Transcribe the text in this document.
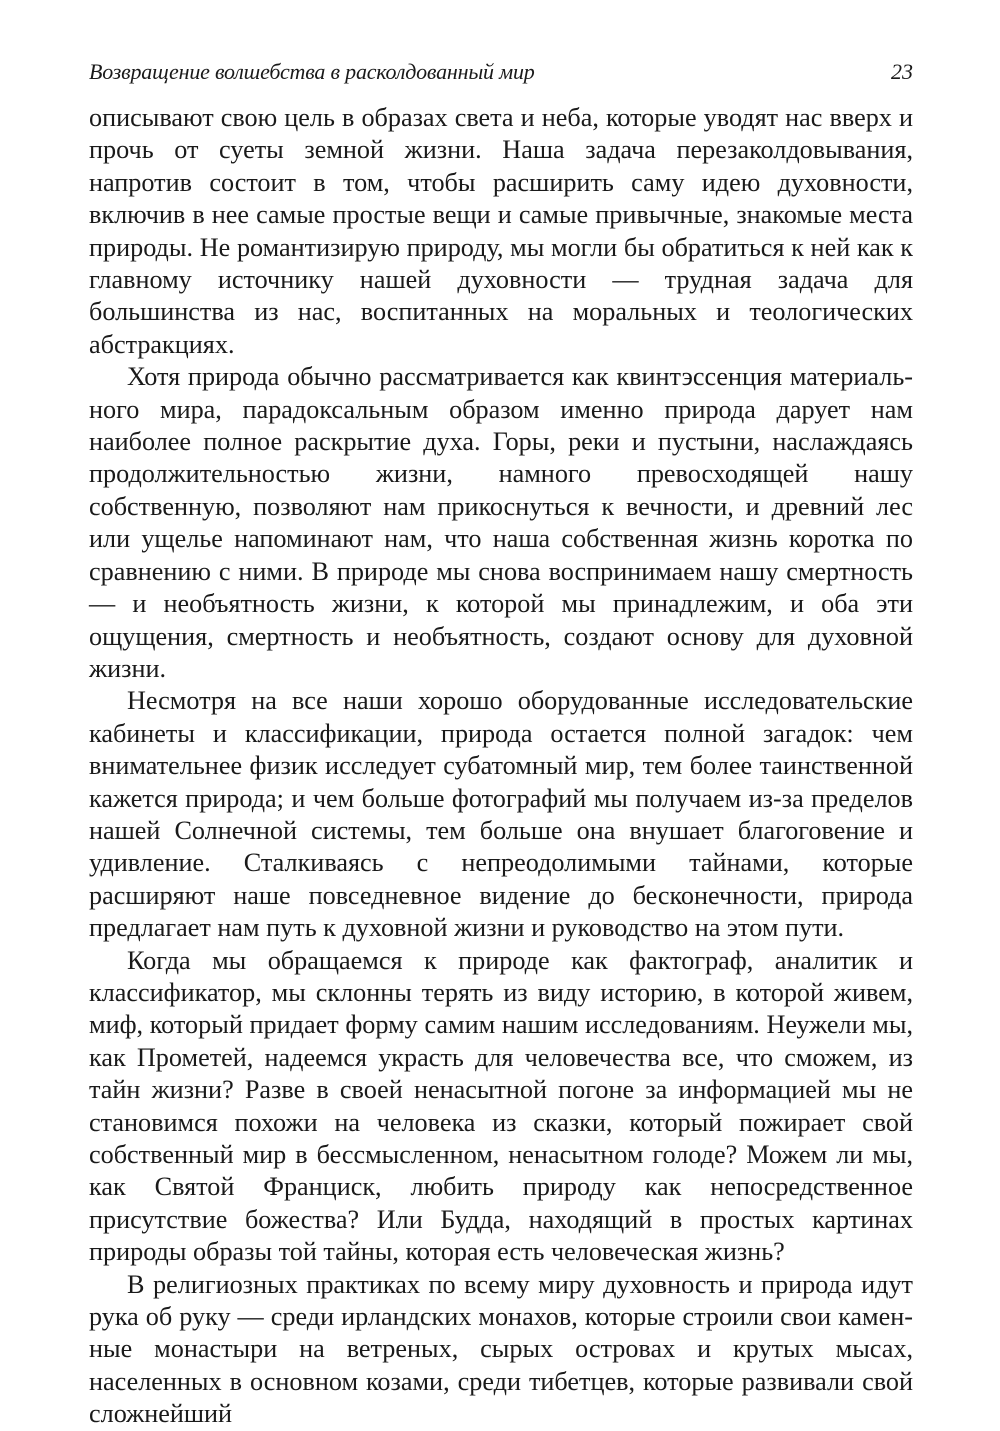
Возвращение волшебства в расколдованный мир	23

описывают свою цель в образах света и неба, которые уводят нас вверх и прочь от суеты земной жизни. Наша задача перезаколдовывания, напротив состоит в том, чтобы расширить саму идею духовности, включив в нее самые простые вещи и самые привычные, знакомые места природы. Не романтизирую природу, мы могли бы обратиться к ней как к главному источнику нашей духовности — трудная задача для большинства из нас, воспитанных на моральных и теологических абстракциях.

Хотя природа обычно рассматривается как квинтэссенция материального мира, парадоксальным образом именно природа дарует нам наиболее полное раскрытие духа. Горы, реки и пустыни, наслаждаясь продолжительностью жизни, намного превосходящей нашу собственную, позволяют нам прикоснуться к вечности, и древний лес или ущелье напоминают нам, что наша собственная жизнь коротка по сравнению с ними. В природе мы снова воспринимаем нашу смертность — и необъятность жизни, к которой мы принадлежим, и оба эти ощущения, смертность и необъятность, создают основу для духовной жизни.

Несмотря на все наши хорошо оборудованные исследовательские кабинеты и классификации, природа остается полной загадок: чем внимательнее физик исследует субатомный мир, тем более таинственной кажется природа; и чем больше фотографий мы получаем из-за пределов нашей Солнечной системы, тем больше она внушает благоговение и удивление. Сталкиваясь с непреодолимыми тайнами, которые расширяют наше повседневное видение до бесконечности, природа предлагает нам путь к духовной жизни и руководство на этом пути.

Когда мы обращаемся к природе как фактограф, аналитик и классификатор, мы склонны терять из виду историю, в которой живем, миф, который придает форму самим нашим исследованиям. Неужели мы, как Прометей, надеемся украсть для человечества все, что сможем, из тайн жизни? Разве в своей ненасытной погоне за информацией мы не становимся похожи на человека из сказки, который пожирает свой собственный мир в бессмысленном, ненасытном голоде? Можем ли мы, как Святой Франциск, любить природу как непосредственное присутствие божества? Или Будда, находящий в простых картинах природы образы той тайны, которая есть человеческая жизнь?

В религиозных практиках по всему миру духовность и природа идут рука об руку — среди ирландских монахов, которые строили свои каменные монастыри на ветреных, сырых островах и крутых мысах, населенных в основном козами, среди тибетцев, которые развивали свой сложнейший
